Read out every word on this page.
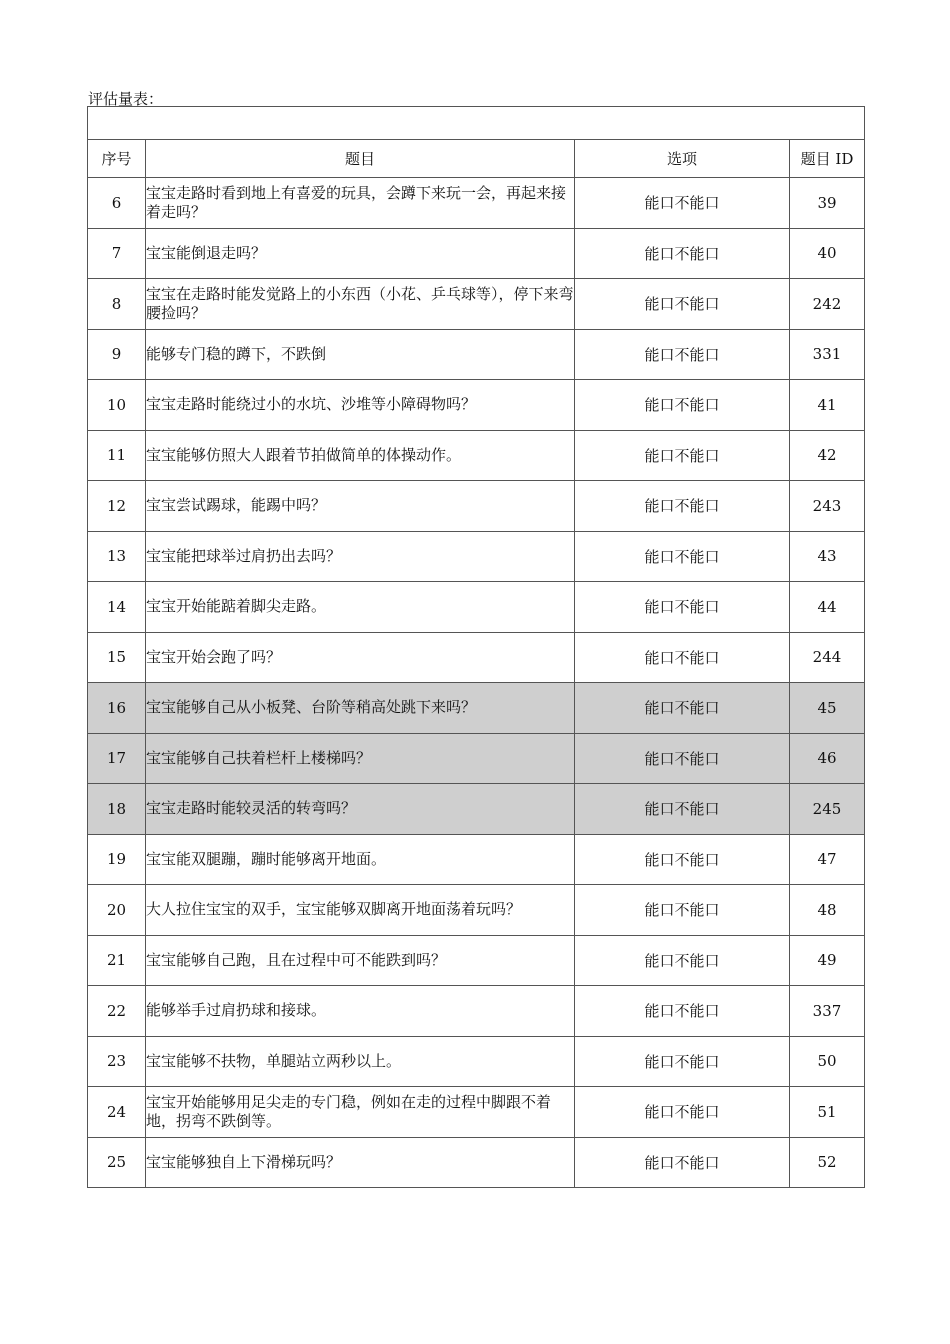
评估量表：

序号	题目	选项	题目 ID
6	宝宝走路时看到地上有喜爱的玩具，会蹲下来玩一会，再起来接着走吗？	能口不能口	39
7	宝宝能倒退走吗？	能口不能口	40
8	宝宝在走路时能发觉路上的小东西（小花、乒乓球等），停下来弯腰捡吗？	能口不能口	242
9	能够专门稳的蹲下，不跌倒	能口不能口	331
10	宝宝走路时能绕过小的水坑、沙堆等小障碍物吗？	能口不能口	41
11	宝宝能够仿照大人跟着节拍做简单的体操动作。	能口不能口	42
12	宝宝尝试踢球，能踢中吗？	能口不能口	243
13	宝宝能把球举过肩扔出去吗？	能口不能口	43
14	宝宝开始能踮着脚尖走路。	能口不能口	44
15	宝宝开始会跑了吗？	能口不能口	244
16	宝宝能够自己从小板凳、台阶等稍高处跳下来吗？	能口不能口	45
17	宝宝能够自己扶着栏杆上楼梯吗？	能口不能口	46
18	宝宝走路时能较灵活的转弯吗？	能口不能口	245
19	宝宝能双腿蹦，蹦时能够离开地面。	能口不能口	47
20	大人拉住宝宝的双手，宝宝能够双脚离开地面荡着玩吗？	能口不能口	48
21	宝宝能够自己跑，且在过程中可不能跌到吗？	能口不能口	49
22	能够举手过肩扔球和接球。	能口不能口	337
23	宝宝能够不扶物，单腿站立两秒以上。	能口不能口	50
24	宝宝开始能够用足尖走的专门稳，例如在走的过程中脚跟不着地，拐弯不跌倒等。	能口不能口	51
25	宝宝能够独自上下滑梯玩吗？	能口不能口	52
